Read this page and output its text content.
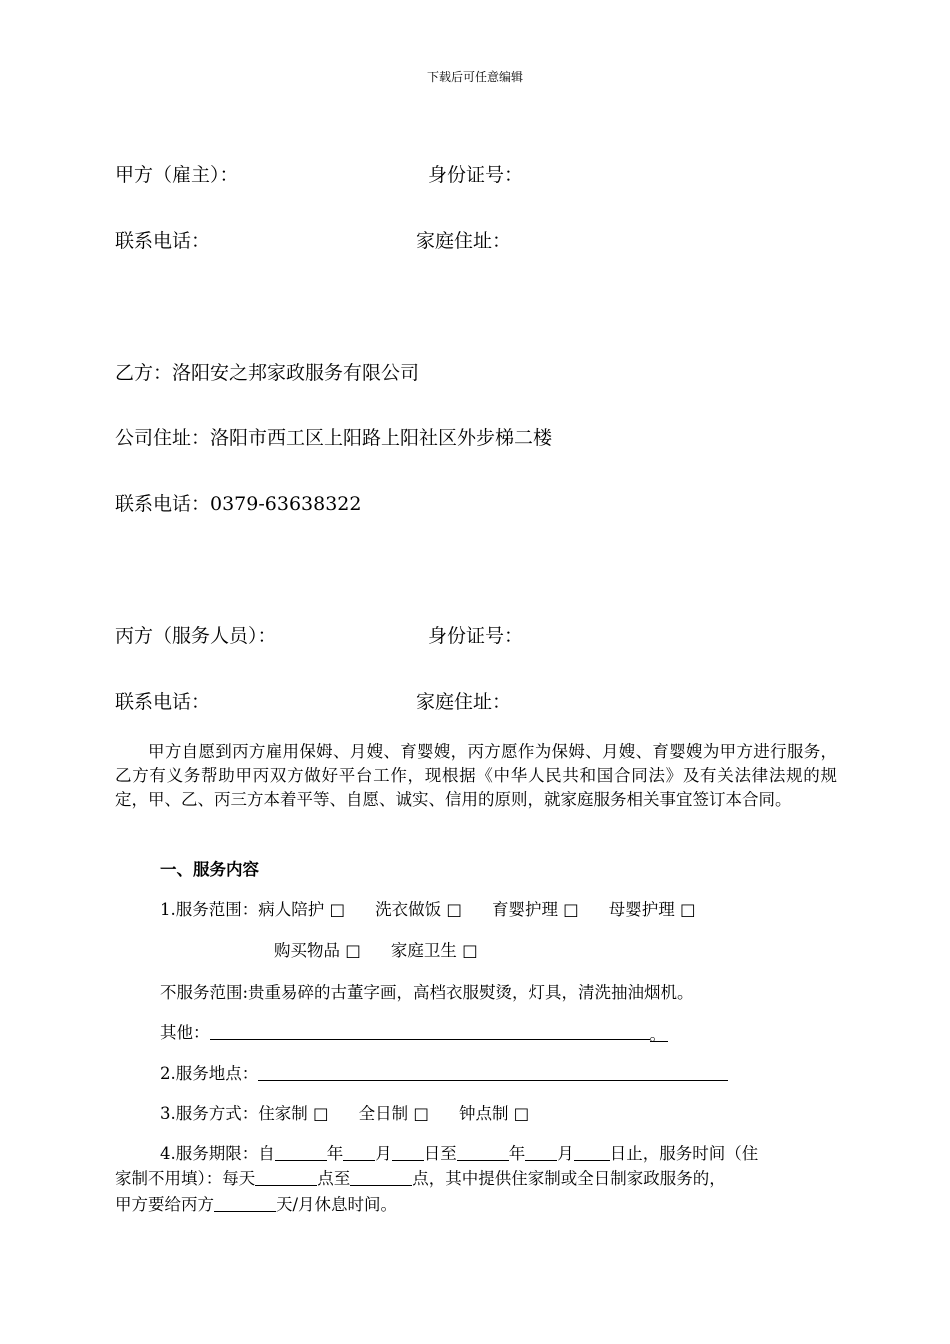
下载后可任意编辑
甲方（雇主）：	身份证号：
联系电话：	家庭住址：
乙方：洛阳安之邦家政服务有限公司
公司住址：洛阳市西工区上阳路上阳社区外步梯二楼
联系电话：0379-63638322
丙方（服务人员）：	身份证号：
联系电话：	家庭住址：
甲方自愿到丙方雇用保姆、月嫂、育婴嫂，丙方愿作为保姆、月嫂、育婴嫂为甲方进行服务，乙方有义务帮助甲丙双方做好平台工作，现根据《中华人民共和国合同法》及有关法律法规的规定，甲、乙、丙三方本着平等、自愿、诚实、信用的原则，就家庭服务相关事宜签订本合同。
一、服务内容
1.服务范围：病人陪护 □ 洗衣做饭 □ 育婴护理 □ 母婴护理 □
购买物品 □ 家庭卫生 □
不服务范围:贵重易碎的古董字画，高档衣服熨烫，灯具，清洗抽油烟机。
其他：	。
2.服务地点：
3.服务方式：住家制 □ 全日制 □ 钟点制 □
4.服务期限：自	年 月 日至	年 月 日止，服务时间（住
家制不用填）：每天	点至	点，其中提供住家制或全日制家政服务的，
甲方要给丙方	天/月休息时间。
